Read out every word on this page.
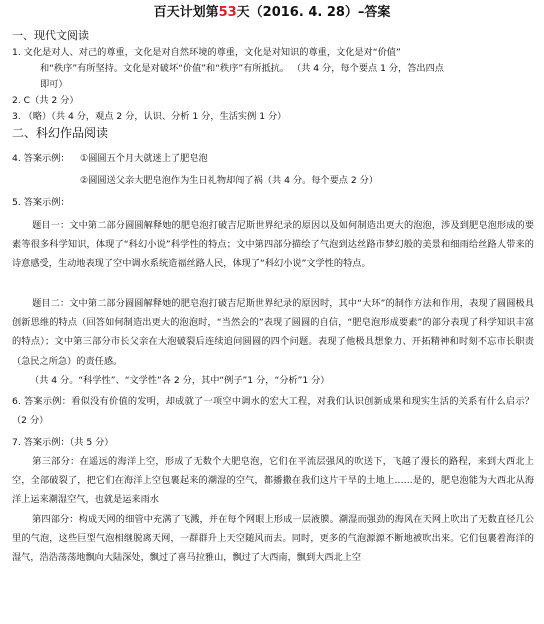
百天计划第53天（2016. 4. 28）–答案
一、现代文阅读
1. 文化是对人、对己的尊重，文化是对自然环境的尊重，文化是对知识的尊重，文化是对“价值”
和“秩序”有所坚持。文化是对破坏“价值”和“秩序”有所抵抗。 （共 4 分，每个要点 1 分，答出四点
即可）
2. C（共 2 分）
3. （略）（共 4 分，观点 2 分，认识、分析 1 分，生活实例 1 分）
二、科幻作品阅读
4. 答案示例： ①圆圆五个月大就迷上了肥皂泡
②圆圆送父亲大肥皂泡作为生日礼物却闯了祸（共 4 分。每个要点 2 分）
5. 答案示例：
题目一：文中第二部分圆圆解释她的肥皂泡打破吉尼斯世界纪录的原因以及如何制造出更大的泡泡，涉及到肥皂泡形成的要素等很多科学知识，体现了“科幻小说”科学性的特点；文中第四部分描绘了气泡到达丝路市梦幻般的美景和细雨给丝路人带来的诗意感受，生动地表现了空中调水系统造福丝路人民，体现了“科幻小说”文学性的特点。
题目二：文中第二部分圆圆解释她的肥皂泡打破吉尼斯世界纪录的原因时，其中“大环”的制作方法和作用，表现了圆圆极具创新思维的特点（回答如何制造出更大的泡泡时，“当然会的”表现了圆圆的自信，“肥皂泡形成要素”的部分表现了科学知识丰富的特点）；文中第三部分市长父亲在大泡破裂后连续追问圆圆的四个问题。表现了他极具想象力、开拓精神和时刻不忘市长职责（急民之所急）的责任感。
（共 4 分。“科学性”、“文学性”各 2 分，其中“例子”1 分，“分析”1 分）
6. 答案示例：看似没有价值的发明，却成就了一项空中调水的宏大工程，对我们认识创新成果和现实生活的关系有什么启示？（2 分）
7. 答案示例：（共 5 分）
第三部分：在遥远的海洋上空，形成了无数个大肥皂泡，它们在平流层强风的吹送下，飞越了漫长的路程，来到大西北上空，全部破裂了，把它们在海洋上空包裹起来的潮湿的空气，都播撒在我们这片干旱的土地上……是的，肥皂泡能为大西北从海洋上运来潮湿空气，也就是运来雨水
第四部分：构成天网的细管中充满了飞溅，并在每个网眼上形成一层液膜。潮湿而强劲的海风在天网上吹出了无数直径几公里的气泡，这些巨型气泡相继脱离天网，一群群升上天空随风而去。同时，更多的气泡源源不断地被吹出来。它们包裹着海洋的湿气，浩浩荡荡地飘向大陆深处，飘过了喜马拉雅山，飘过了大西南，飘到大西北上空
